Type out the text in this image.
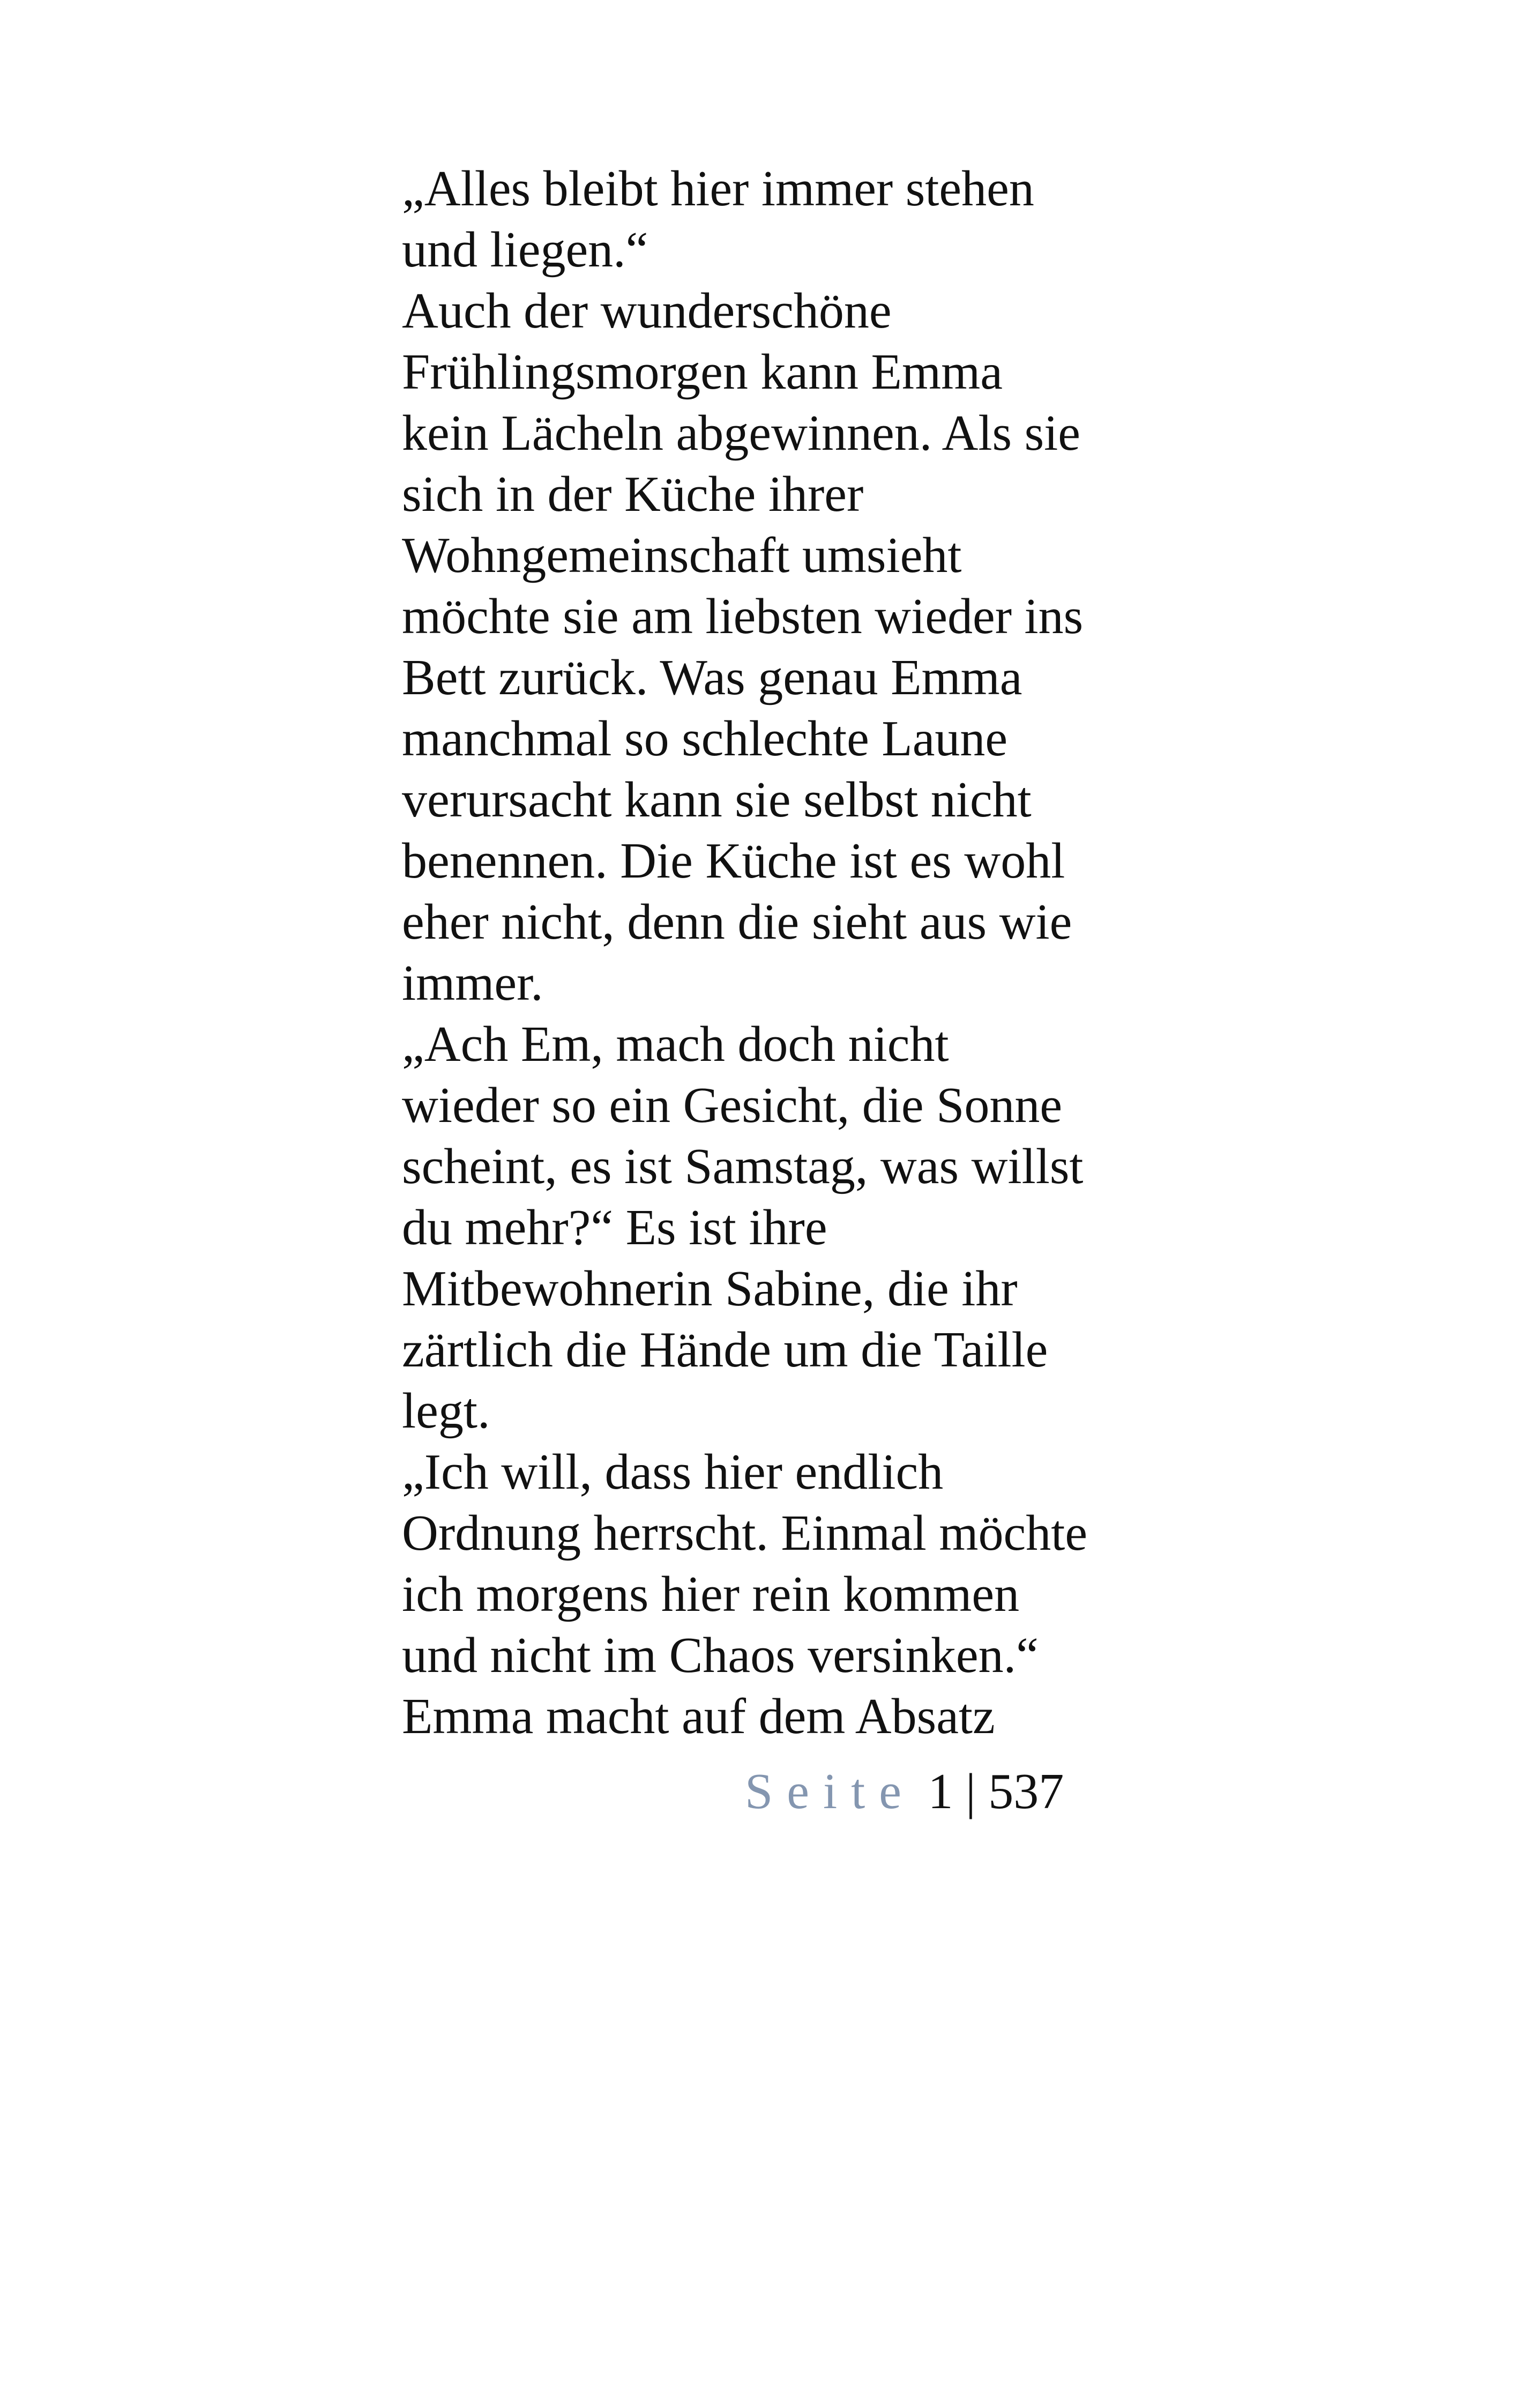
„Alles bleibt hier immer stehen
und liegen.“
Auch der wunderschöne
Frühlingsmorgen kann Emma
kein Lächeln abgewinnen. Als sie
sich in der Küche ihrer
Wohngemeinschaft umsieht
möchte sie am liebsten wieder ins
Bett zurück. Was genau Emma
manchmal so schlechte Laune
verursacht kann sie selbst nicht
benennen. Die Küche ist es wohl
eher nicht, denn die sieht aus wie
immer.
„Ach Em, mach doch nicht
wieder so ein Gesicht, die Sonne
scheint, es ist Samstag, was willst
du mehr?“ Es ist ihre
Mitbewohnerin Sabine, die ihr
zärtlich die Hände um die Taille
legt.
„Ich will, dass hier endlich
Ordnung herrscht. Einmal möchte
ich morgens hier rein kommen
und nicht im Chaos versinken.“
Emma macht auf dem Absatz
Seite 1 | 537
